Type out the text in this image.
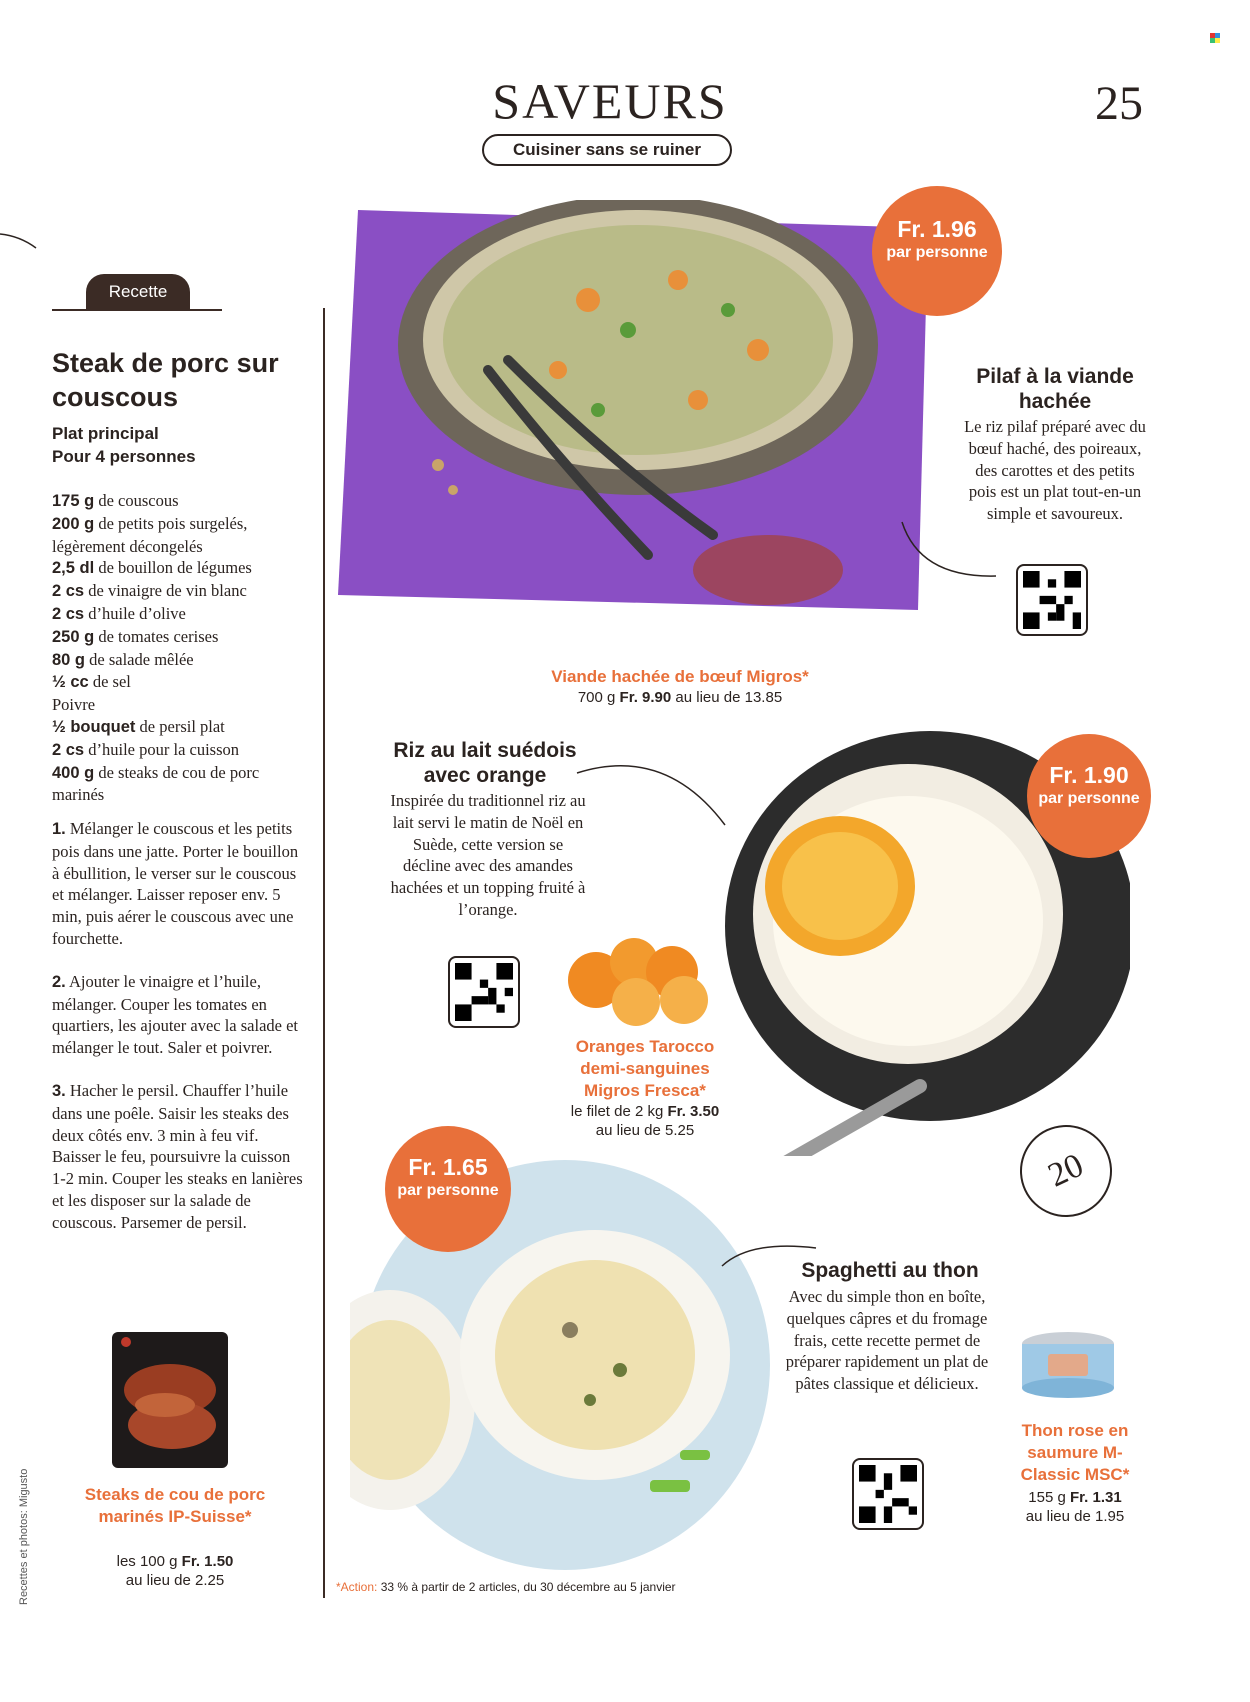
SAVEURS
Cuisiner sans se ruiner
25
Recette
Steak de porc sur couscous
Plat principal
Pour 4 personnes
175 g de couscous
200 g de petits pois surgelés, légèrement décongelés
2,5 dl de bouillon de légumes
2 cs de vinaigre de vin blanc
2 cs d’huile d’olive
250 g de tomates cerises
80 g de salade mêlée
½ cc de sel
Poivre
½ bouquet de persil plat
2 cs d’huile pour la cuisson
400 g de steaks de cou de porc marinés

1. Mélanger le couscous et les petits pois dans une jatte. Porter le bouillon à ébullition, le verser sur le couscous et mélanger. Laisser reposer env. 5 min, puis aérer le couscous avec une fourchette.

2. Ajouter le vinaigre et l’huile, mélanger. Couper les tomates en quartiers, les ajouter avec la salade et mélanger le tout. Saler et poivrer.

3. Hacher le persil. Chauffer l’huile dans une poêle. Saisir les steaks des deux côtés env. 3 min à feu vif. Baisser le feu, poursuivre la cuisson 1-2 min. Couper les steaks en lanières et les disposer sur la salade de couscous. Parsemer de persil.

Steaks de cou de porc marinés IP-Suisse*
les 100 g Fr. 1.50
au lieu de 2.25
Recettes et photos: Migusto
Fr. 1.96
par personne
Pilaf à la viande hachée
Le riz pilaf préparé avec du bœuf haché, des poireaux, des carottes et des petits pois est un plat tout-en-un simple et savoureux.
Viande hachée de bœuf Migros*
700 g Fr. 9.90 au lieu de 13.85
Fr. 1.90
par personne
Riz au lait suédois avec orange
Inspirée du traditionnel riz au lait servi le matin de Noël en Suède, cette version se décline avec des amandes hachées et un topping fruité à l’orange.
Oranges Tarocco demi-sanguines Migros Fresca*
le filet de 2 kg Fr. 3.50
au lieu de 5.25
20
Fr. 1.65
par personne
Spaghetti au thon
Avec du simple thon en boîte, quelques câpres et du fromage frais, cette recette permet de préparer rapidement un plat de pâtes classique et délicieux.
Thon rose en saumure M-Classic MSC*
155 g Fr. 1.31
au lieu de 1.95
*Action: 33 % à partir de 2 articles, du 30 décembre au 5 janvier
